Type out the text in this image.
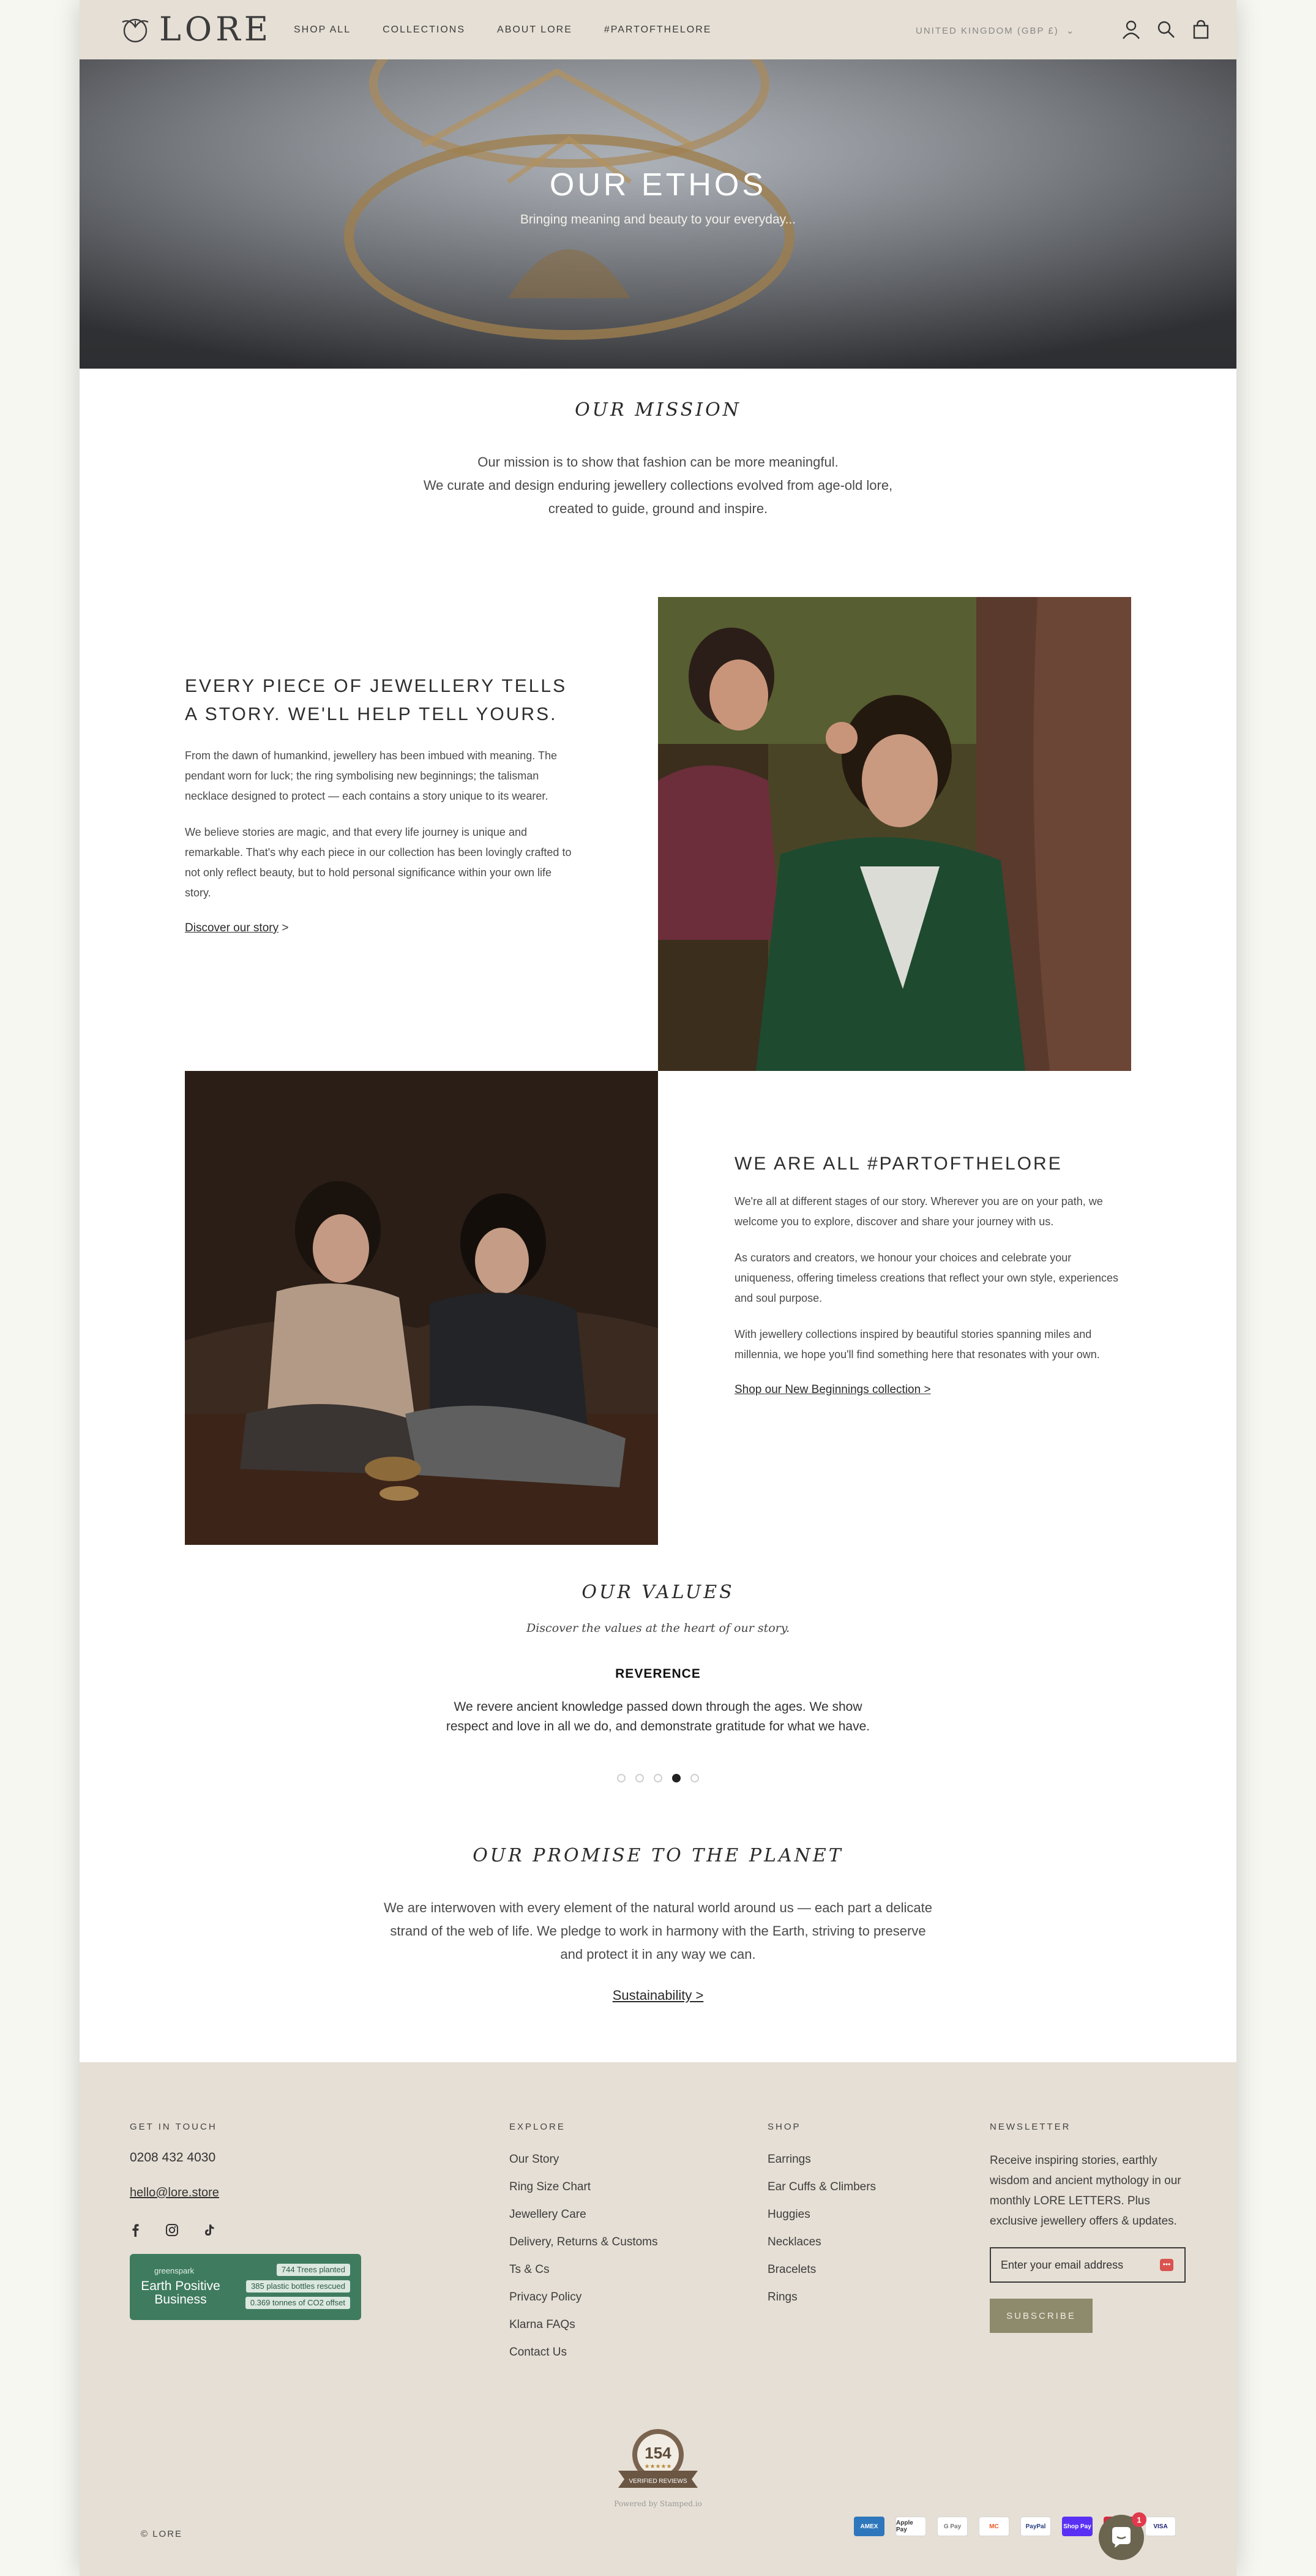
LORE SHOP ALL	COLLECTIONS	ABOUT LORE	#PARTOFTHELORE	UNITED KINGDOM (GBP £) ⌄
OUR ETHOS
Bringing meaning and beauty to your everyday...
OUR MISSION
Our mission is to show that fashion can be more meaningful.
We curate and design enduring jewellery collections evolved from age-old lore,
created to guide, ground and inspire.
EVERY PIECE OF JEWELLERY TELLS A STORY. WE'LL HELP TELL YOURS.
From the dawn of humankind, jewellery has been imbued with meaning. The pendant worn for luck; the ring symbolising new beginnings; the talisman necklace designed to protect — each contains a story unique to its wearer.
We believe stories are magic, and that every life journey is unique and remarkable. That's why each piece in our collection has been lovingly crafted to not only reflect beauty, but to hold personal significance within your own life story.
Discover our story >
WE ARE ALL #PARTOFTHELORE
We're all at different stages of our story. Wherever you are on your path, we welcome you to explore, discover and share your journey with us.
As curators and creators, we honour your choices and celebrate your uniqueness, offering timeless creations that reflect your own style, experiences and soul purpose.
With jewellery collections inspired by beautiful stories spanning miles and millennia, we hope you'll find something here that resonates with your own.
Shop our New Beginnings collection >
OUR VALUES
Discover the values at the heart of our story.
REVERENCE
We revere ancient knowledge passed down through the ages. We show respect and love in all we do, and demonstrate gratitude for what we have.
OUR PROMISE TO THE PLANET
We are interwoven with every element of the natural world around us — each part a delicate strand of the web of life. We pledge to work in harmony with the Earth, striving to preserve and protect it in any way we can.
Sustainability >
GET IN TOUCH
0208 432 4030
hello@lore.store
greenspark
Earth Positive Business
744 Trees planted
385 plastic bottles rescued
0.369 tonnes of CO2 offset
EXPLORE
Our Story
Ring Size Chart
Jewellery Care
Delivery, Returns & Customs
Ts & Cs
Privacy Policy
Klarna FAQs
Contact Us
SHOP
Earrings
Ear Cuffs & Climbers
Huggies
Necklaces
Bracelets
Rings
NEWSLETTER
Receive inspiring stories, earthly wisdom and ancient mythology in our monthly LORE LETTERS. Plus exclusive jewellery offers & updates.
Enter your email address	•••
SUBSCRIBE
VERIFIED REVIEWS
154
★★★★★
Powered by Stamped.io
© LORE
AMEX	Apple Pay	G Pay	MC	PayPal	Shop Pay	VISA
1
